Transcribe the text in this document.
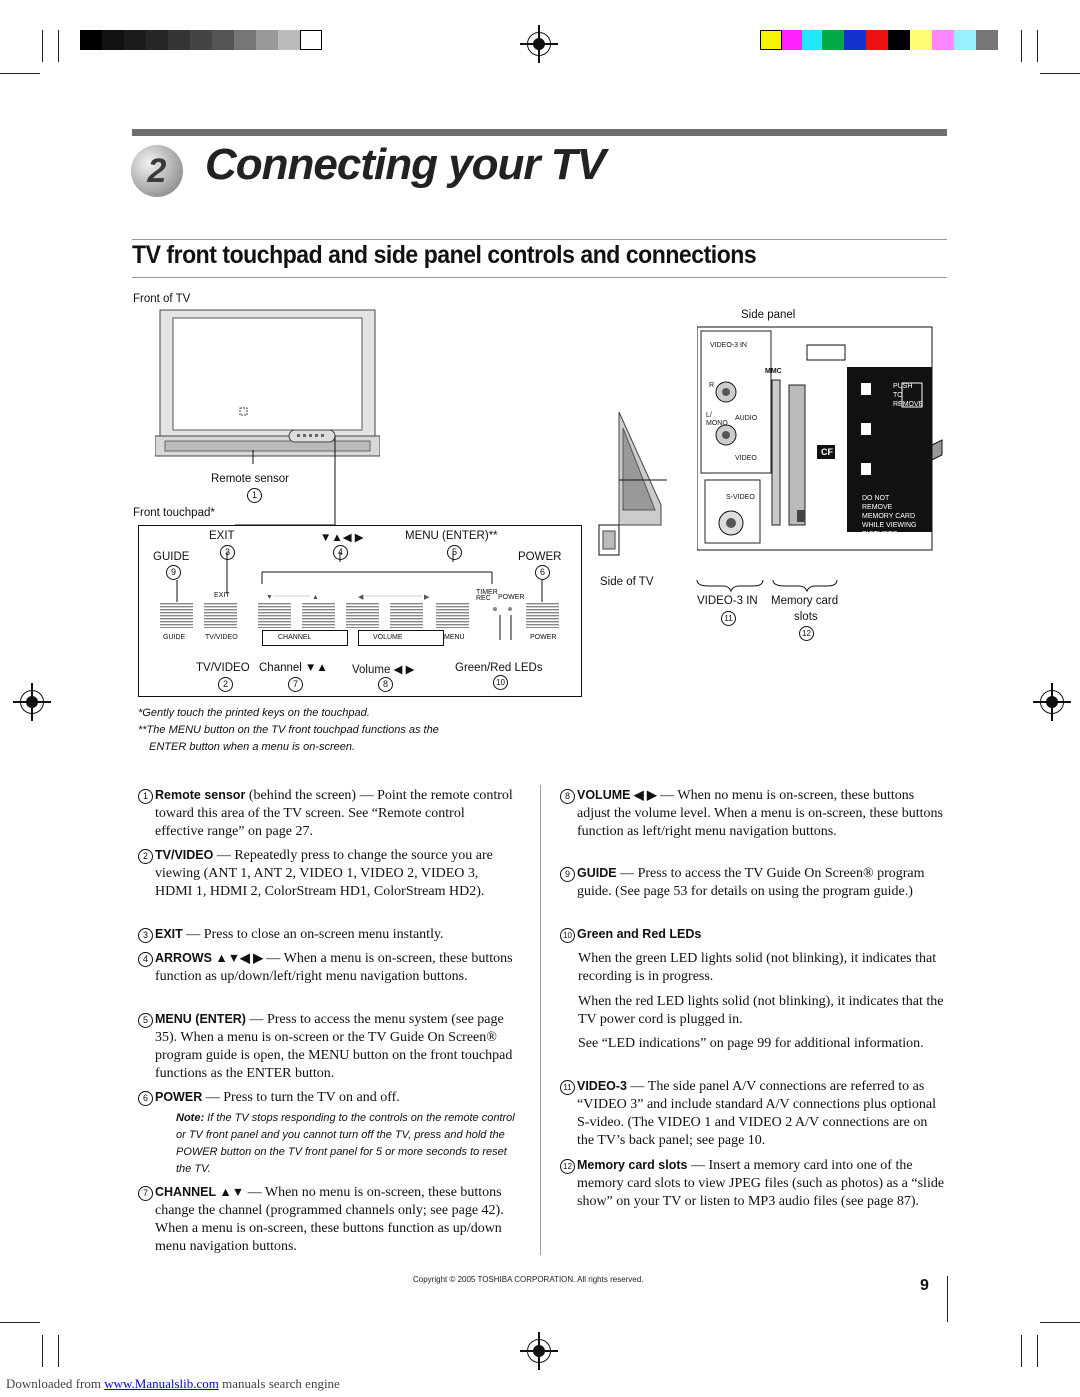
2 Connecting your TV
TV front touchpad and side panel controls and connections
Front of TV
Remote sensor
1
Front touchpad*
EXIT	▼▲◀ ▶	MENU (ENTER)**
GUIDE	POWER
3	4	5
9	6
▼	▲	◀	▶
EXIT	TIMER REC	POWER
GUIDE	TV/VIDEO	CHANNEL	VOLUME	MENU	POWER
TV/VIDEO Channel ▼▲ Volume ◀ ▶	Green/Red LEDs
2	7	8	10
Side panel
VIDEO-3 IN
R
L/ MONO
AUDIO
VIDEO
S-VIDEO
MMC
CF
PUSH TO REMOVE
DO NOT REMOVE MEMORY CARD WHILE VIEWING PICTURES.
Side of TV
VIDEO-3 IN Memory card
slots
11
12
*Gently touch the printed keys on the touchpad.
**The MENU button on the TV front touchpad functions as the
ENTER button when a menu is on-screen.
1 Remote sensor (behind the screen) — Point the remote control toward this area of the TV screen. See “Remote control effective range” on page 27.
2 TV/VIDEO — Repeatedly press to change the source you are viewing (ANT 1, ANT 2, VIDEO 1, VIDEO 2, VIDEO 3, HDMI 1, HDMI 2, ColorStream HD1, ColorStream HD2).
3 EXIT — Press to close an on-screen menu instantly.
4 ARROWS ▲▼◀ ▶ — When a menu is on-screen, these buttons function as up/down/left/right menu navigation buttons.
5 MENU (ENTER) — Press to access the menu system (see page 35). When a menu is on-screen or the TV Guide On Screen® program guide is open, the MENU button on the front touchpad functions as the ENTER button.
6 POWER — Press to turn the TV on and off.
Note: If the TV stops responding to the controls on the remote control or TV front panel and you cannot turn off the TV, press and hold the POWER button on the TV front panel for 5 or more seconds to reset the TV.
7 CHANNEL ▲▼ — When no menu is on-screen, these buttons change the channel (programmed channels only; see page 42). When a menu is on-screen, these buttons function as up/down menu navigation buttons.
8 VOLUME ◀ ▶ — When no menu is on-screen, these buttons adjust the volume level. When a menu is on-screen, these buttons function as left/right menu navigation buttons.
9 GUIDE — Press to access the TV Guide On Screen® program guide. (See page 53 for details on using the program guide.)
10 Green and Red LEDs
When the green LED lights solid (not blinking), it indicates that recording is in progress.
When the red LED lights solid (not blinking), it indicates that the TV power cord is plugged in.
See “LED indications” on page 99 for additional information.
11 VIDEO-3 — The side panel A/V connections are referred to as “VIDEO 3” and include standard A/V connections plus optional S-video. (The VIDEO 1 and VIDEO 2 A/V connections are on the TV’s back panel; see page 10.
12 Memory card slots — Insert a memory card into one of the memory card slots to view JPEG files (such as photos) as a “slide show” on your TV or listen to MP3 audio files (see page 87).
Copyright © 2005 TOSHIBA CORPORATION. All rights reserved.	9
Downloaded from www.Manualslib.com manuals search engine
